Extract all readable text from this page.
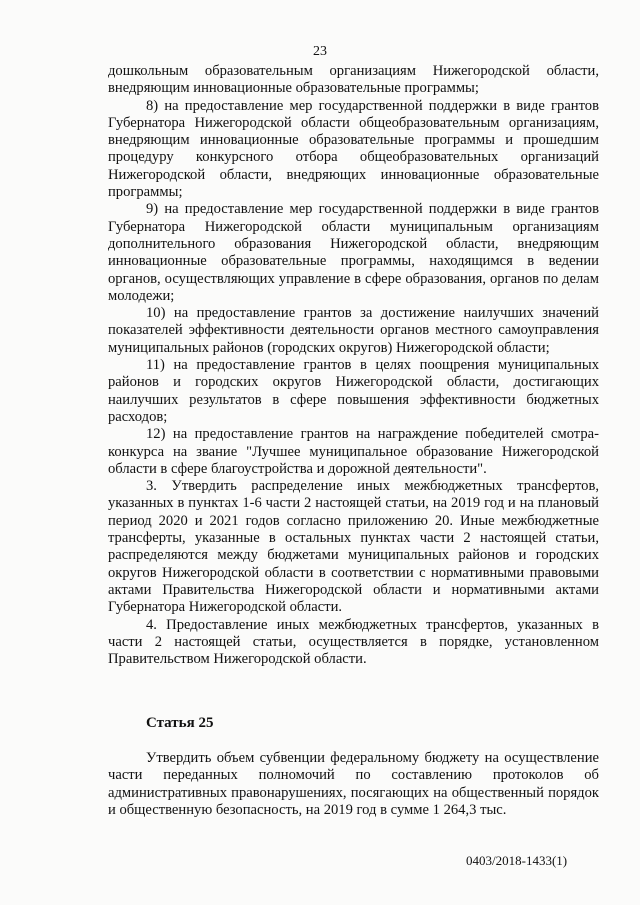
23

дошкольным образовательным организациям Нижегородской области, внедряющим инновационные образовательные программы;

8) на предоставление мер государственной поддержки в виде грантов Губернатора Нижегородской области общеобразовательным организациям, внедряющим инновационные образовательные программы и прошедшим процедуру конкурсного отбора общеобразовательных организаций Нижегородской области, внедряющих инновационные образовательные программы;

9) на предоставление мер государственной поддержки в виде грантов Губернатора Нижегородской области муниципальным организациям дополнительного образования Нижегородской области, внедряющим инновационные образовательные программы, находящимся в ведении органов, осуществляющих управление в сфере образования, органов по делам молодежи;

10) на предоставление грантов за достижение наилучших значений показателей эффективности деятельности органов местного самоуправления муниципальных районов (городских округов) Нижегородской области;

11) на предоставление грантов в целях поощрения муниципальных районов и городских округов Нижегородской области, достигающих наилучших результатов в сфере повышения эффективности бюджетных расходов;

12) на предоставление грантов на награждение победителей смотра-конкурса на звание "Лучшее муниципальное образование Нижегородской области в сфере благоустройства и дорожной деятельности".

3. Утвердить распределение иных межбюджетных трансфертов, указанных в пунктах 1-6 части 2 настоящей статьи, на 2019 год и на плановый период 2020 и 2021 годов согласно приложению 20. Иные межбюджетные трансферты, указанные в остальных пунктах части 2 настоящей статьи, распределяются между бюджетами муниципальных районов и городских округов Нижегородской области в соответствии с нормативными правовыми актами Правительства Нижегородской области и нормативными актами Губернатора Нижегородской области.

4. Предоставление иных межбюджетных трансфертов, указанных в части 2 настоящей статьи, осуществляется в порядке, установленном Правительством Нижегородской области.

Статья 25

Утвердить объем субвенции федеральному бюджету на осуществление части переданных полномочий по составлению протоколов об административных правонарушениях, посягающих на общественный порядок и общественную безопасность, на 2019 год в сумме 1 264,3 тыс.

0403/2018-1433(1)
